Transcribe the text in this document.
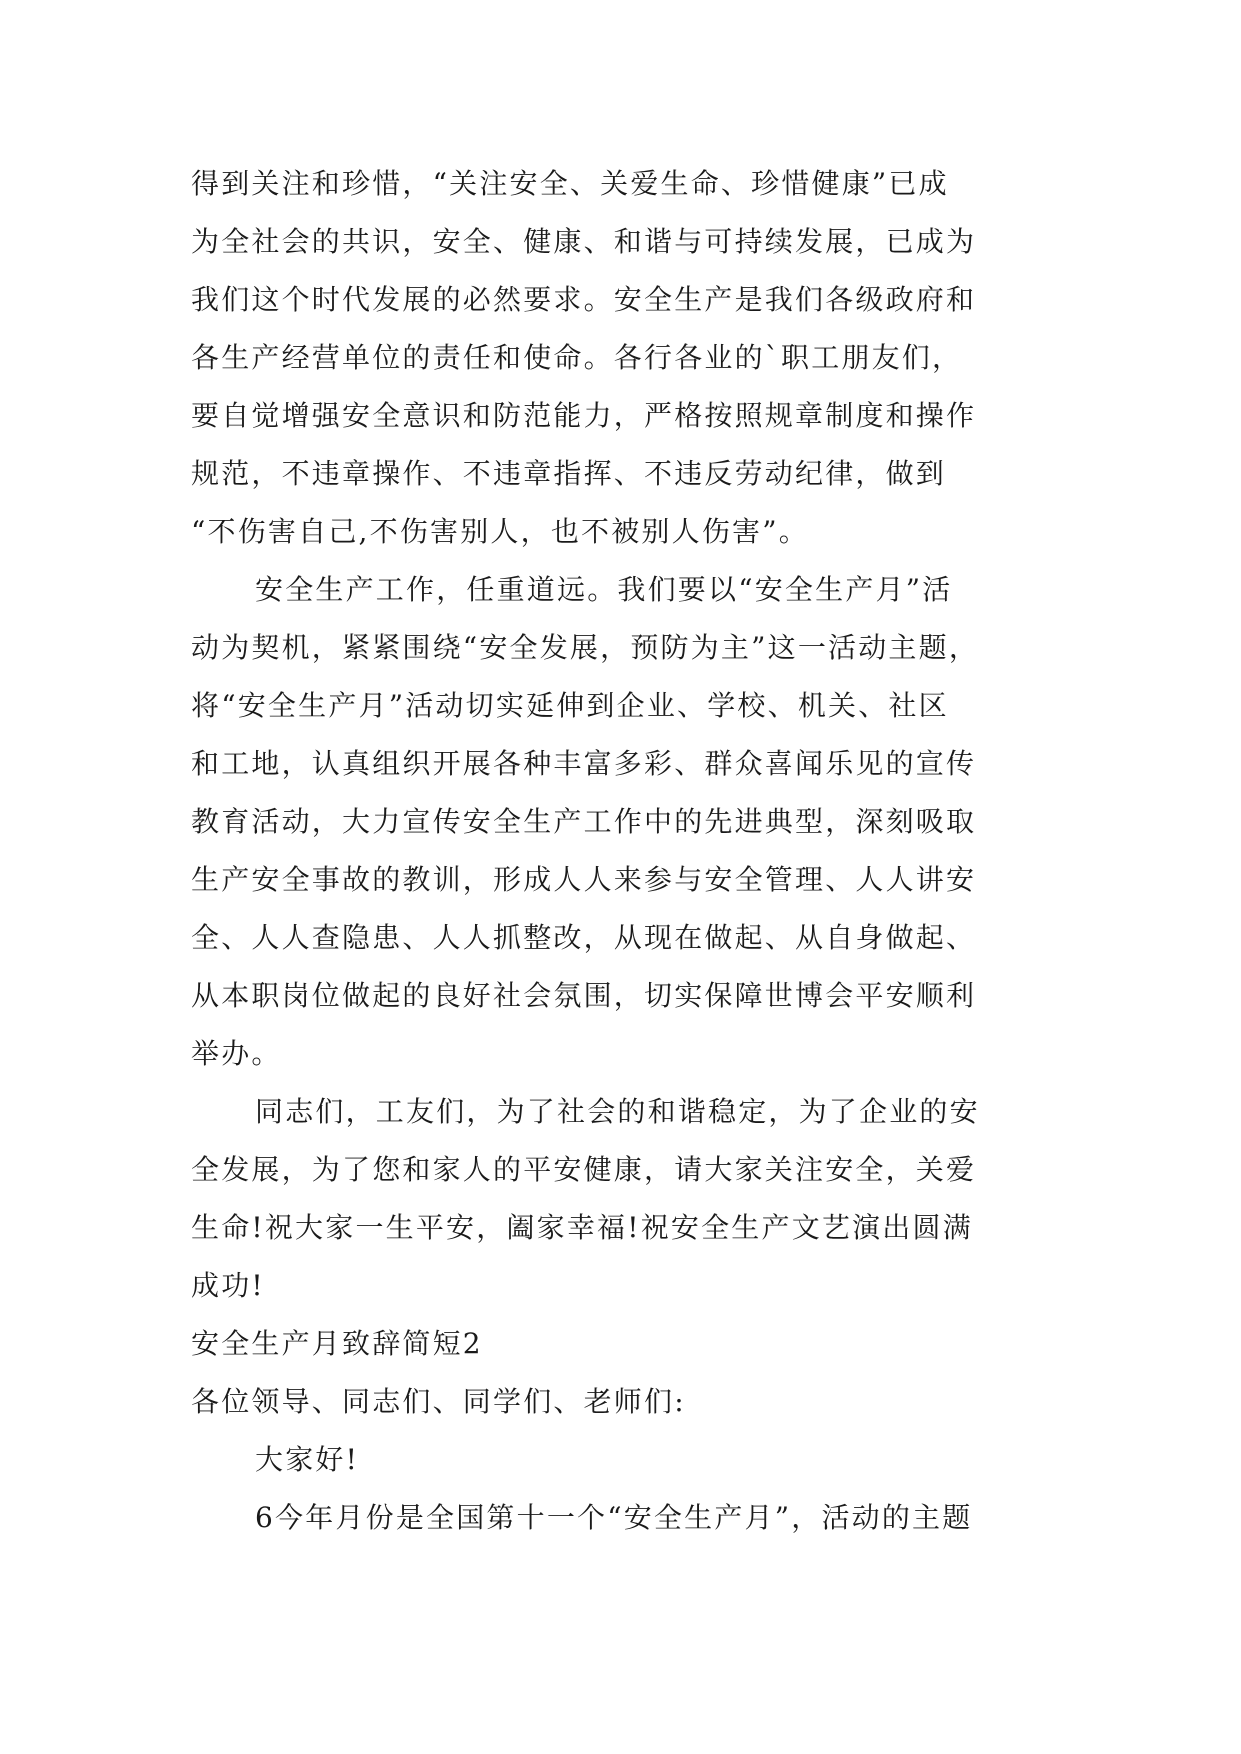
得到关注和珍惜，“关注安全、关爱生命、珍惜健康”已成
为全社会的共识，安全、健康、和谐与可持续发展，已成为
我们这个时代发展的必然要求。安全生产是我们各级政府和
各生产经营单位的责任和使命。各行各业的`职工朋友们，
要自觉增强安全意识和防范能力，严格按照规章制度和操作
规范，不违章操作、不违章指挥、不违反劳动纪律，做到
“不伤害自己,不伤害别人，也不被别人伤害”。
安全生产工作，任重道远。我们要以“安全生产月”活
动为契机，紧紧围绕“安全发展，预防为主”这一活动主题，
将“安全生产月”活动切实延伸到企业、学校、机关、社区
和工地，认真组织开展各种丰富多彩、群众喜闻乐见的宣传
教育活动，大力宣传安全生产工作中的先进典型，深刻吸取
生产安全事故的教训，形成人人来参与安全管理、人人讲安
全、人人查隐患、人人抓整改，从现在做起、从自身做起、
从本职岗位做起的良好社会氛围，切实保障世博会平安顺利
举办。
同志们，工友们，为了社会的和谐稳定，为了企业的安
全发展，为了您和家人的平安健康，请大家关注安全，关爱
生命!祝大家一生平安，阖家幸福!祝安全生产文艺演出圆满
成功!
安全生产月致辞简短2
各位领导、同志们、同学们、老师们:
大家好!
6今年月份是全国第十一个“安全生产月”，活动的主题
